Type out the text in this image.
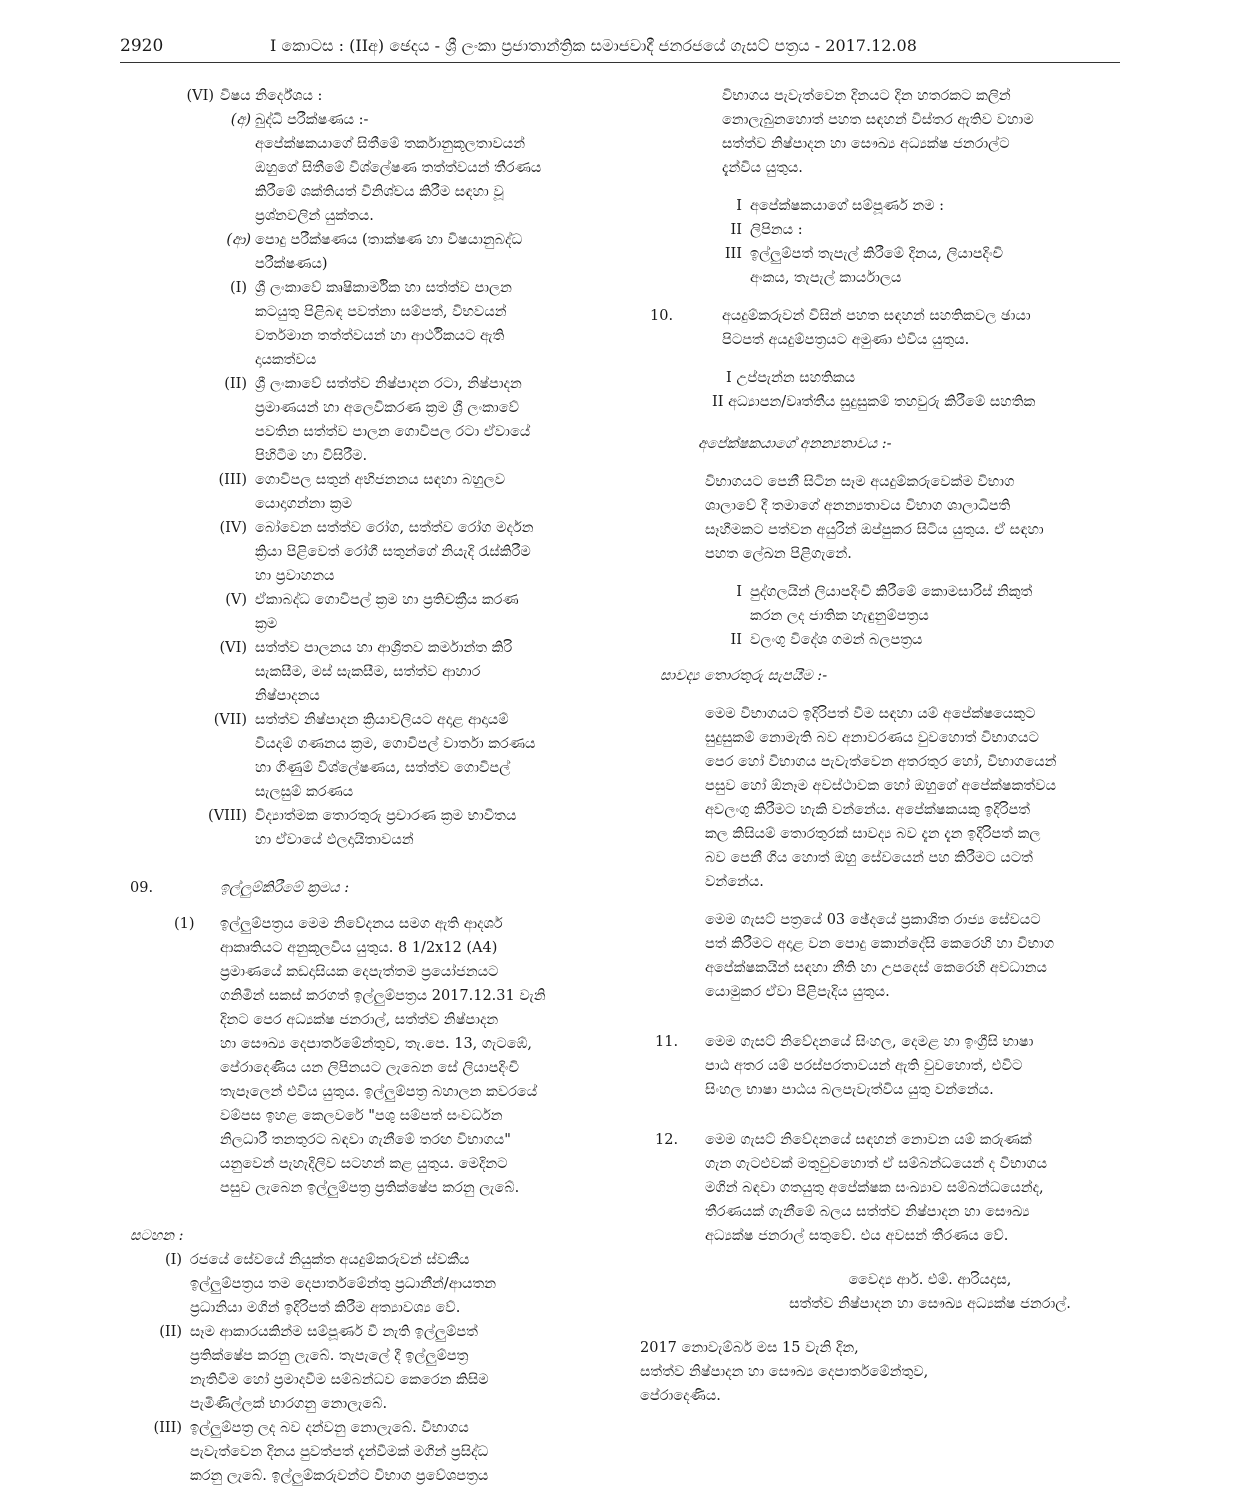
2920	I කොටස : (IIඅ) ඡෙදය - ශ්‍රී ලංකා ප්‍රජාතාන්ත්‍රික සමාජවාදී ජනරජයේ ගැසට් පත්‍රය - 2017.12.08
(VI) විෂය නිර්දේශය :
(අ) බුද්ධි පරීක්ෂණය :-
අපේක්ෂකයාගේ සිතීමේ තර්කානුකූලතාවයන්
ඔහුගේ සිතීමේ විශ්ලේෂණ තත්ත්වයන් තීරණය
කිරීමේ ශක්තියත් විනිශ්චය කිරීම සඳහා වූ
ප්‍රශ්නවලින් යුක්තය.
(ආ) පොදු පරීක්ෂණය (තාක්ෂණ හා විෂයානුබද්ධ
පරීක්ෂණය)
(I) ශ්‍රී ලංකාවේ කෘෂිකාර්මික හා සත්ත්ව පාලන
කටයුතු පිළිබඳ පවත්නා සම්පත්, විභවයන්
වර්තමාන තත්ත්වයන් හා ආර්ථිකයට ඇති
දායකත්වය
(II) ශ්‍රී ලංකාවේ සත්ත්ව නිෂ්පාදන රටා, නිෂ්පාදන
ප්‍රමාණයන් හා අලෙවිකරණ ක්‍රම ශ්‍රී ලංකාවේ
පවතින සත්ත්ව පාලන ගොවිපල රටා ඒවායේ
පිහිටීම හා විසිරීම.
(III) ගොවිපල සතුන් අභිජනනය සඳහා බහුලව
යොදාගන්නා ක්‍රම
(IV) බෝවෙන සත්ත්ව රෝග, සත්ත්ව රෝග මර්දන
ක්‍රියා පිළිවෙත් රෝගී සතුන්ගේ නියැදි රැස්කිරීම
හා ප්‍රවාහනය
(V) ඒකාබද්ධ ගොවිපල් ක්‍රම හා ප්‍රතිචක්‍රීය කරණ
ක්‍රම
(VI) සත්ත්ව පාලනය හා ආශ්‍රිතව කර්මාන්ත කිරි
සැකසීම, මස් සැකසීම, සත්ත්ව ආහාර
නිෂ්පාදනය
(VII) සත්ත්ව නිෂ්පාදන ක්‍රියාවලියට අදාළ ආදායම්
වියදම් ගණනය ක්‍රම, ගොවිපල් වාර්තා කරණය
හා ගිණුම් විශ්ලේෂණය, සත්ත්ව ගොවිපල්
සැලසුම් කරණය
(VIII) විද්‍යාත්මක තොරතුරු ප්‍රචාරණ ක්‍රම භාවිතය
හා ඒවායේ ඵලදායිතාවයන්
09.	ඉල්ලුම්කිරීමේ ක්‍රමය :
(1)	ඉල්ලුම්පත්‍රය මෙම නිවේදනය සමග ඇති ආදර්ශ
ආකෘතියට අනුකූලවිය යුතුය. 8 1/2x12 (A4)
ප්‍රමාණයේ කඩදාසියක දෙපැත්තම ප්‍රයෝජනයට
ගනිමින් සකස් කරගත් ඉල්ලුම්පත්‍රය 2017.12.31 වැනි
දිනට පෙර අධ්‍යක්ෂ ජනරාල්, සත්ත්ව නිෂ්පාදන
හා සෞඛ්‍ය දෙපාර්තමේන්තුව, තැ.පෙ. 13, ගැටඹේ,
පේරාදෙණිය යන ලිපිනයට ලැබෙන සේ ලියාපදිංචි
තැපෑලෙන් එවිය යුතුය. ඉල්ලුම්පත්‍ර බහාලන කවරයේ
වම්පස ඉහළ කෙලවරේ "පශු සම්පත් සංවර්ධන
නිලධාරී තනතුරට බඳවා ගැනීමේ තරඟ විභාගය"
යනුවෙන් පැහැදිලිව සටහන් කළ යුතුය. මෙදිනට
පසුව ලැබෙන ඉල්ලුම්පත්‍ර ප්‍රතික්ෂේප කරනු ලැබේ.
සටහන :
(I) රජයේ සේවයේ නියුක්ත අයදුම්කරුවන් ස්වකීය
ඉල්ලුම්පත්‍රය තම දෙපාර්තමේන්තු ප්‍රධානීන්/ආයතන
ප්‍රධානියා මගින් ඉදිරිපත් කිරීම අත්‍යාවශ්‍ය වේ.
(II) සෑම ආකාරයකින්ම සම්පූර්ණ වී නැති ඉල්ලුම්පත්
ප්‍රතික්ෂේප කරනු ලැබේ. තැපැලේ දී ඉල්ලුම්පත්‍ර
නැතිවීම හෝ ප්‍රමාදවීම සම්බන්ධව කෙරෙන කිසිම
පැමිණිල්ලක් භාරගනු නොලැබේ.
(III) ඉල්ලුම්පත්‍ර ලද බව දන්වනු නොලැබේ. විභාගය
පැවැත්වෙන දිනය පුවත්පත් දැන්වීමක් මගින් ප්‍රසිද්ධ
කරනු ලැබේ. ඉල්ලුම්කරුවන්ට විභාග ප්‍රවේශපත්‍රය
විභාගය පැවැත්වෙන දිනයට දින හතරකට කලින්
නොලැබුනහොත් පහත සඳහන් විස්තර ඇතිව වහාම
සත්ත්ව නිෂ්පාදන හා සෞඛ්‍ය අධ්‍යක්ෂ ජනරාල්ට
දැන්විය යුතුය.
I අපේක්ෂකයාගේ සම්පූර්ණ නම :
II ලිපිනය :
III ඉල්ලුම්පත් තැපැල් කිරීමේ දිනය, ලියාපදිංචි
අංකය, තැපැල් කාර්යාලය
10.	අයදුම්කරුවන් විසින් පහත සඳහන් සහතිකවල ඡායා
පිටපත් අයදුම්පත්‍රයට අමුණා එවිය යුතුය.
I උප්පැන්න සහතිකය
II අධ්‍යාපන/වෘත්තීය සුදුසුකම් තහවුරු කිරීමේ සහතික
අපේක්ෂකයාගේ අනන්‍යතාවය :-
විභාගයට පෙනී සිටින සෑම අයදුම්කරුවෙක්ම විභාග
ශාලාවේ දී තමාගේ අනන්‍යතාවය විභාග ශාලාධිපති
සෑහීමකට පත්වන අයුරින් ඔප්පුකර සිටිය යුතුය. ඒ සඳහා
පහත ලේඛන පිළිගැනේ.
I පුද්ගලයින් ලියාපදිංචි කිරීමේ කොමසාරිස් නිකුත්
කරන ලද ජාතික හැඳුනුම්පත්‍රය
II වලංගු විදේශ ගමන් බලපත්‍රය
සාවද්‍ය තොරතුරු සැපයීම :-
මෙම විභාගයට ඉදිරිපත් වීම සඳහා යම් අපේක්ෂයෙකුට
සුදුසුකම් නොමැති බව අනාවරණය වුවහොත් විභාගයට
පෙර හෝ විභාගය පැවැත්වෙන අතරතුර හෝ, විභාගයෙන්
පසුව හෝ ඕනෑම අවස්ථාවක හෝ ඔහුගේ අපේක්ෂකත්වය
අවලංගු කිරීමට හැකි වන්නේය. අපේක්ෂකයකු ඉදිරිපත්
කල කිසියම් තොරතුරක් සාවද්‍ය බව දැන දැන ඉදිරිපත් කල
බව පෙනී ගිය හොත් ඔහු සේවයෙන් පහ කිරීමට යටත්
වන්නේය.
මෙම ගැසට් පත්‍රයේ 03 ඡේදයේ ප්‍රකාශිත රාජ්‍ය සේවයට
පත් කිරීමට අදාළ වන පොදු කොන්දේසි කෙරෙහි හා විභාග
අපේක්ෂකයින් සඳහා නීති හා උපදෙස් කෙරෙහි අවධානය
යොමුකර ඒවා පිළිපැදිය යුතුය.
11.	මෙම ගැසට් නිවේදනයේ සිංහල, දෙමළ හා ඉංග්‍රීසි භාෂා
පාඨ අතර යම් පරස්පරතාවයන් ඇති වුවහොත්, එවිට
සිංහල භාෂා පාඨය බලපැවැත්විය යුතු වන්නේය.
12.	මෙම ගැසට් නිවේදනයේ සඳහන් නොවන යම් කරුණක්
ගැන ගැටළුවක් මතුවුවහොත් ඒ සම්බන්ධයෙන් ද විභාගය
මගින් බඳවා ගතයුතු අපේක්ෂක සංඛ්‍යාව සම්බන්ධයෙන්ද,
තීරණයක් ගැනීමේ බලය සත්ත්ව නිෂ්පාදන හා සෞඛ්‍ය
අධ්‍යක්ෂ ජනරාල් සතුවේ. එය අවසන් තීරණය වේ.
වෛද්‍ය ආර්. එම්. ආරියදාස,
සත්ත්ව නිෂ්පාදන හා සෞඛ්‍ය අධ්‍යක්ෂ ජනරාල්.
2017 නොවැම්බර් මස 15 වැනි දින,
සත්ත්ව නිෂ්පාදන හා සෞඛ්‍ය දෙපාර්තමේන්තුව,
පේරාදෙණිය.
